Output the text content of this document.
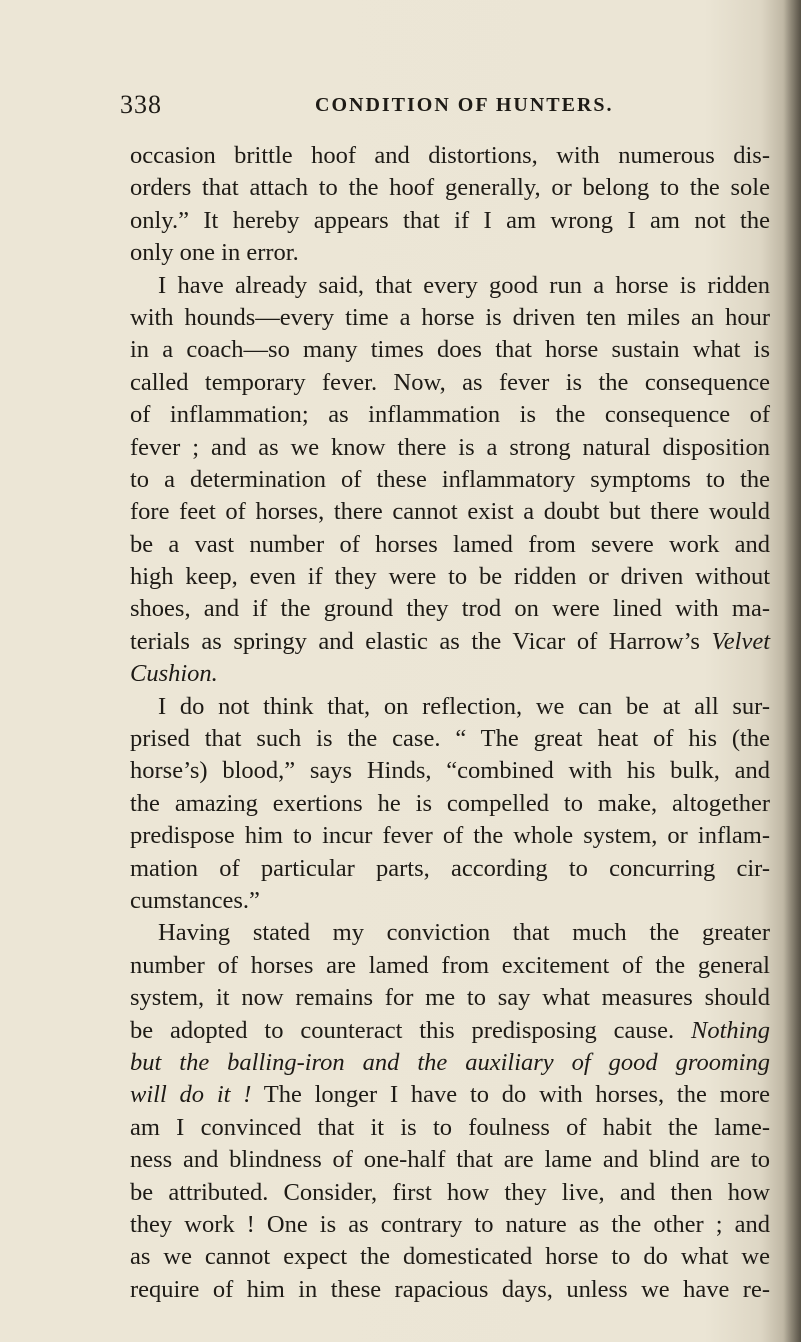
338	CONDITION OF HUNTERS.
occasion brittle hoof and distortions, with numerous dis-
orders that attach to the hoof generally, or belong to the sole
only.” It hereby appears that if I am wrong I am not the
only one in error.
I have already said, that every good run a horse is ridden
with hounds—every time a horse is driven ten miles an hour
in a coach—so many times does that horse sustain what is
called temporary fever. Now, as fever is the consequence
of inflammation; as inflammation is the consequence of
fever ; and as we know there is a strong natural disposition
to a determination of these inflammatory symptoms to the
fore feet of horses, there cannot exist a doubt but there would
be a vast number of horses lamed from severe work and
high keep, even if they were to be ridden or driven without
shoes, and if the ground they trod on were lined with ma-
terials as springy and elastic as the Vicar of Harrow’s Velvet
Cushion.
I do not think that, on reflection, we can be at all sur-
prised that such is the case. “ The great heat of his (the
horse’s) blood,” says Hinds, “combined with his bulk, and
the amazing exertions he is compelled to make, altogether
predispose him to incur fever of the whole system, or inflam-
mation of particular parts, according to concurring cir-
cumstances.”
Having stated my conviction that much the greater
number of horses are lamed from excitement of the general
system, it now remains for me to say what measures should
be adopted to counteract this predisposing cause. Nothing
but the balling-iron and the auxiliary of good grooming
will do it ! The longer I have to do with horses, the more
am I convinced that it is to foulness of habit the lame-
ness and blindness of one-half that are lame and blind are to
be attributed. Consider, first how they live, and then how
they work ! One is as contrary to nature as the other ; and
as we cannot expect the domesticated horse to do what we
require of him in these rapacious days, unless we have re-
